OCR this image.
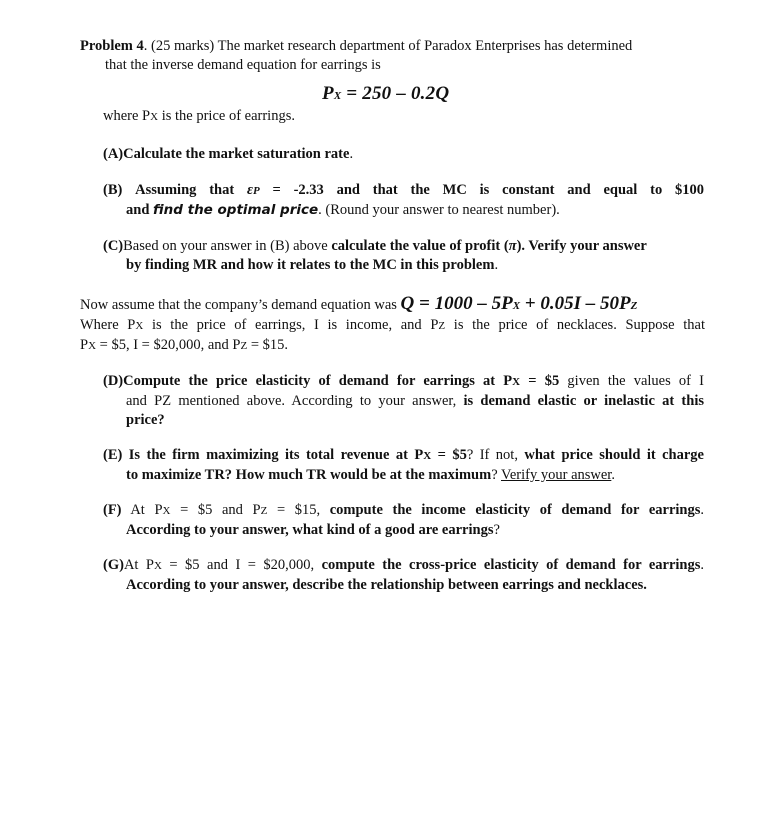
Problem 4. (25 marks) The market research department of Paradox Enterprises has determined
that the inverse demand equation for earrings is
PX = 250 – 0.2Q
where PX is the price of earrings.
(A)Calculate the market saturation rate.
(B) Assuming that εP = -2.33 and that the MC is constant and equal to $100
and find the optimal price. (Round your answer to nearest number).
(C)Based on your answer in (B) above calculate the value of profit (π). Verify your answer
by finding MR and how it relates to the MC in this problem.
Now assume that the company’s demand equation was Q = 1000 – 5PX + 0.05I – 50PZ
Where PX is the price of earrings, I is income, and PZ is the price of necklaces. Suppose that
PX = $5, I = $20,000, and PZ = $15.
(D)Compute the price elasticity of demand for earrings at PX = $5 given the values of I
and PZ mentioned above. According to your answer, is demand elastic or inelastic at this
price?
(E) Is the firm maximizing its total revenue at PX = $5? If not, what price should it charge
to maximize TR? How much TR would be at the maximum? Verify your answer.
(F) At PX = $5 and PZ = $15, compute the income elasticity of demand for earrings.
According to your answer, what kind of a good are earrings?
(G)At PX = $5 and I = $20,000, compute the cross-price elasticity of demand for earrings.
According to your answer, describe the relationship between earrings and necklaces.
